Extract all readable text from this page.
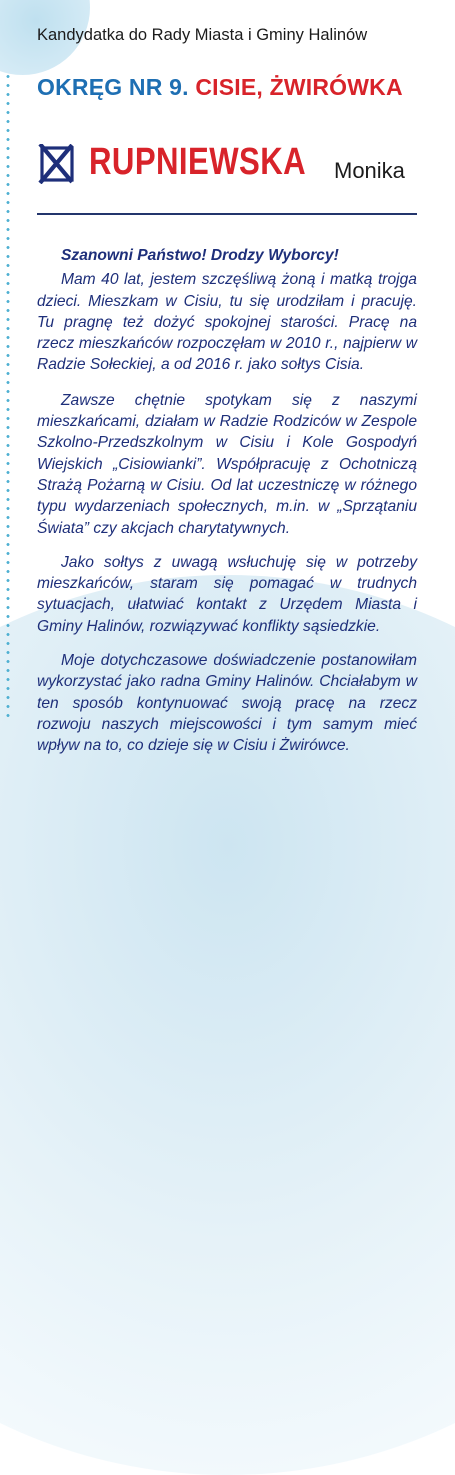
Kandydatka do Rady Miasta i Gminy Halinów
OKRĘG NR 9. CISIE, ŻWIRÓWKA
RUPNIEWSKA Monika

Szanowni Państwo! Drodzy Wyborcy!

Mam 40 lat, jestem szczęśliwą żoną i matką trojga dzieci. Mieszkam w Cisiu, tu się urodziłam i pracuję. Tu pragnę też dożyć spokojnej starości. Pracę na rzecz mieszkańców rozpoczęłam w 2010 r., najpierw w Radzie Sołeckiej, a od 2016 r. jako sołtys Cisia.

Zawsze chętnie spotykam się z naszymi mieszkańcami, działam w Radzie Rodziców w Zespole Szkolno-Przedszkolnym w Cisiu i Kole Gospodyń Wiejskich „Cisiowianki”. Współpracuję z Ochotniczą Strażą Pożarną w Cisiu. Od lat uczestniczę w różnego typu wydarzeniach społecznych, m.in. w „Sprzątaniu Świata” czy akcjach charytatywnych.

Jako sołtys z uwagą wsłuchuję się w potrzeby mieszkańców, staram się pomagać w trudnych sytuacjach, ułatwiać kontakt z Urzędem Miasta i Gminy Halinów, rozwiązywać konflikty sąsiedzkie.

Moje dotychczasowe doświadczenie postanowiłam wykorzystać jako radna Gminy Halinów. Chciałabym w ten sposób kontynuować swoją pracę na rzecz rozwoju naszych miejscowości i tym samym mieć wpływ na to, co dzieje się w Cisiu i Żwirówce.
